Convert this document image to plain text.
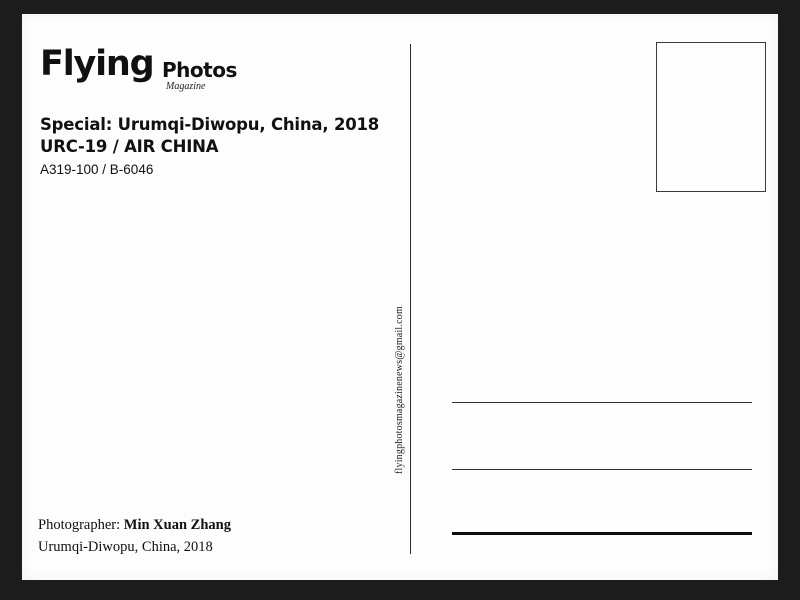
Flying Photos
Magazine
Special: Urumqi-Diwopu, China, 2018
URC-19 / AIR CHINA
A319-100 / B-6046
flyingphotosmagazinenews@gmail.com
Photographer: Min Xuan Zhang
Urumqi-Diwopu, China, 2018
